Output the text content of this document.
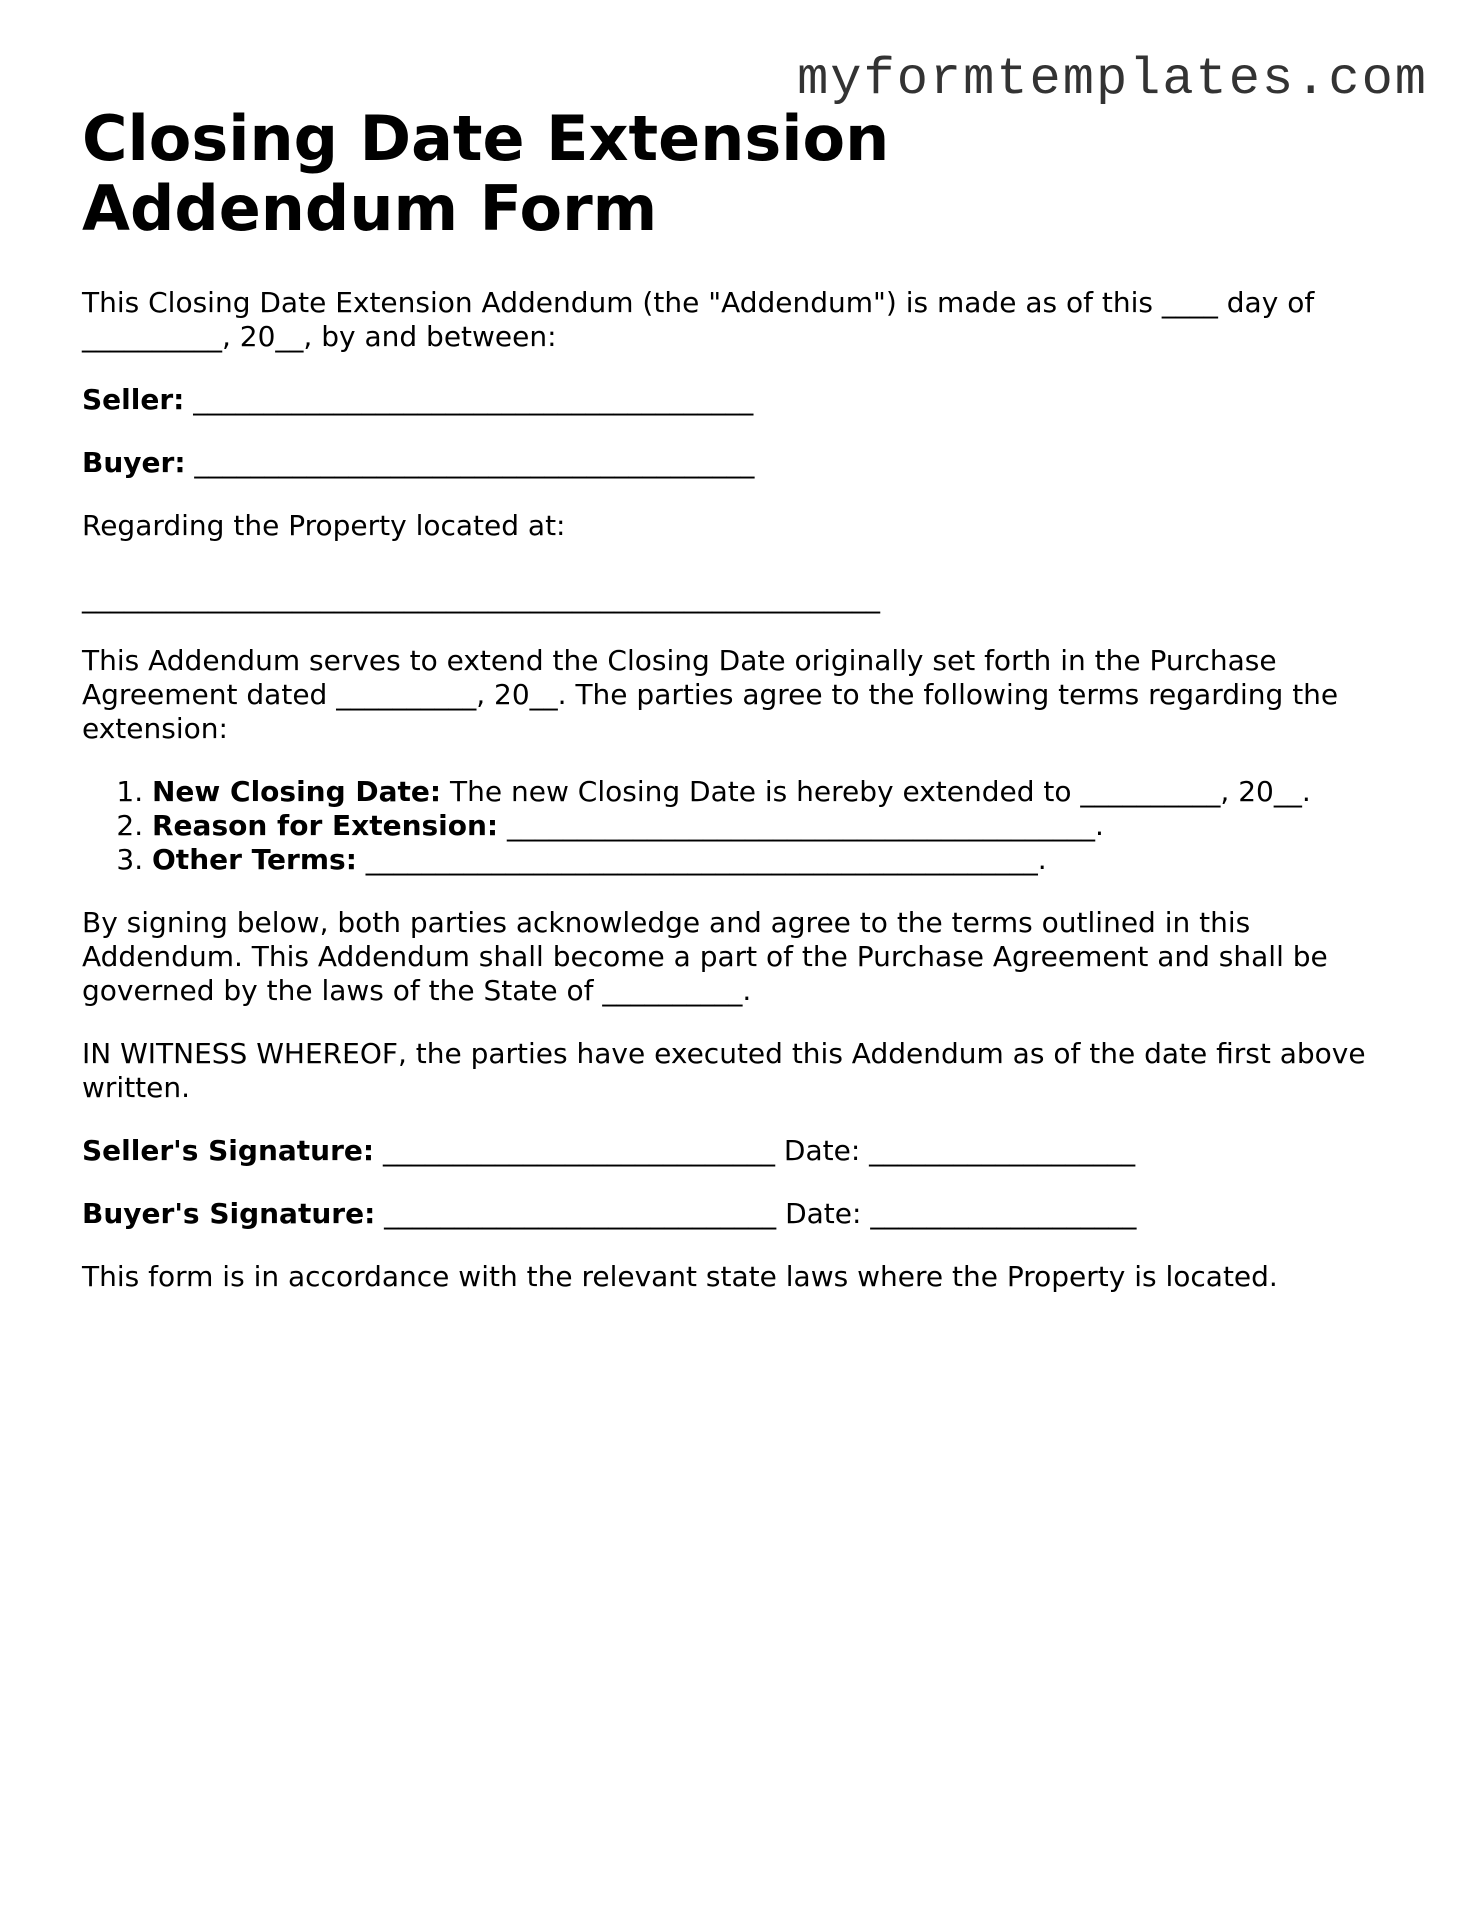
myformtemplates.com
Closing Date Extension Addendum Form

This Closing Date Extension Addendum (the "Addendum") is made as of this ____ day of __________, 20__, by and between:

Seller: ________________________________________

Buyer: ________________________________________

Regarding the Property located at:

_________________________________________________________

This Addendum serves to extend the Closing Date originally set forth in the Purchase Agreement dated __________, 20__. The parties agree to the following terms regarding the extension:

1. New Closing Date: The new Closing Date is hereby extended to __________, 20__.
2. Reason for Extension: __________________________________________.
3. Other Terms: ________________________________________________.

By signing below, both parties acknowledge and agree to the terms outlined in this Addendum. This Addendum shall become a part of the Purchase Agreement and shall be governed by the laws of the State of __________.

IN WITNESS WHEREOF, the parties have executed this Addendum as of the date first above written.

Seller's Signature: ____________________________ Date: ___________________

Buyer's Signature: ____________________________ Date: ___________________

This form is in accordance with the relevant state laws where the Property is located.
